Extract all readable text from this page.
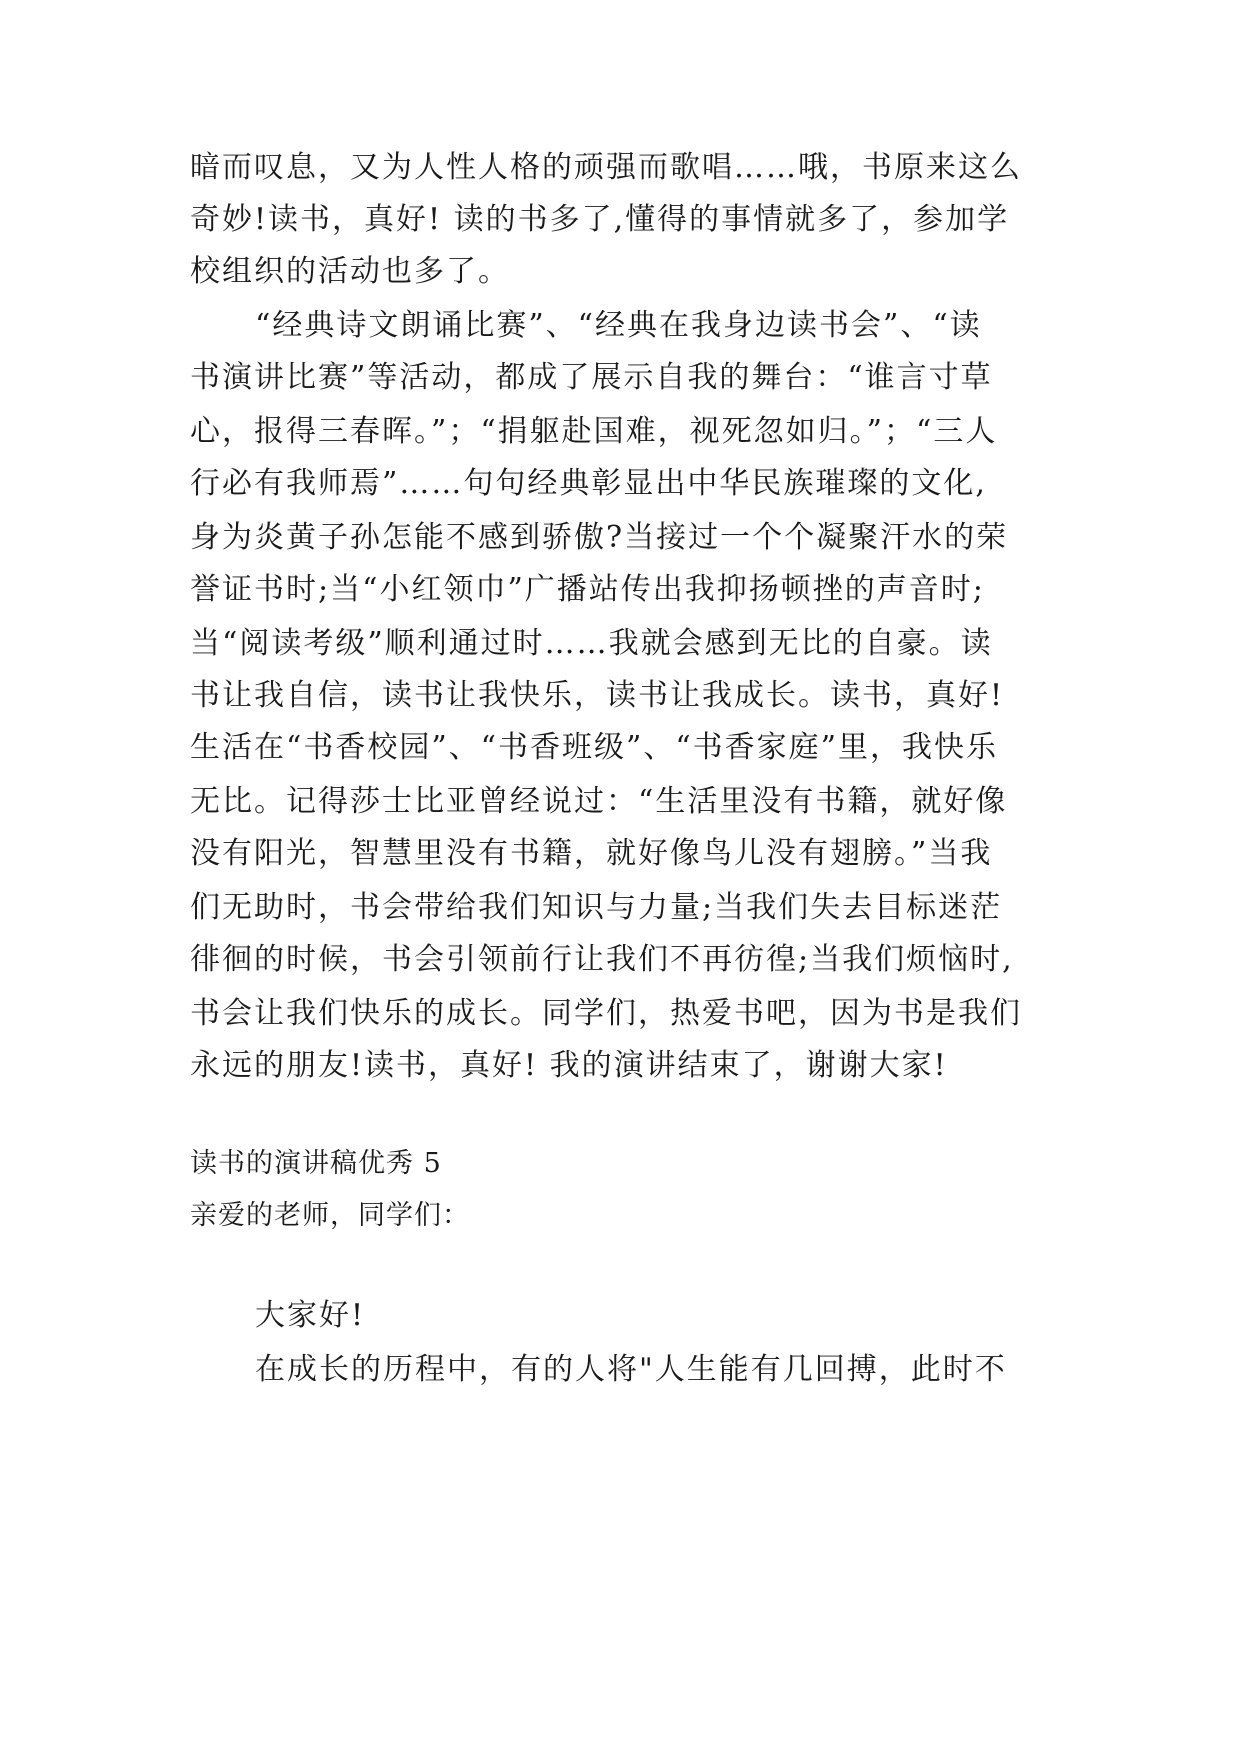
暗而叹息，又为人性人格的顽强而歌唱……哦，书原来这么
奇妙!读书，真好! 读的书多了,懂得的事情就多了，参加学
校组织的活动也多了。
“经典诗文朗诵比赛”、“经典在我身边读书会”、“读
书演讲比赛”等活动，都成了展示自我的舞台：“谁言寸草
心，报得三春晖。”；“捐躯赴国难，视死忽如归。”；“三人
行必有我师焉”……句句经典彰显出中华民族璀璨的文化,
身为炎黄子孙怎能不感到骄傲?当接过一个个凝聚汗水的荣
誉证书时;当“小红领巾”广播站传出我抑扬顿挫的声音时;
当“阅读考级”顺利通过时……我就会感到无比的自豪。读
书让我自信，读书让我快乐，读书让我成长。读书，真好!
生活在“书香校园”、“书香班级”、“书香家庭”里，我快乐
无比。记得莎士比亚曾经说过：“生活里没有书籍，就好像
没有阳光，智慧里没有书籍，就好像鸟儿没有翅膀。”当我
们无助时，书会带给我们知识与力量;当我们失去目标迷茫
徘徊的时候，书会引领前行让我们不再彷徨;当我们烦恼时,
书会让我们快乐的成长。同学们，热爱书吧，因为书是我们
永远的朋友!读书，真好! 我的演讲结束了，谢谢大家!
读书的演讲稿优秀 5
亲爱的老师，同学们：
大家好!
在成长的历程中，有的人将"人生能有几回搏，此时不
